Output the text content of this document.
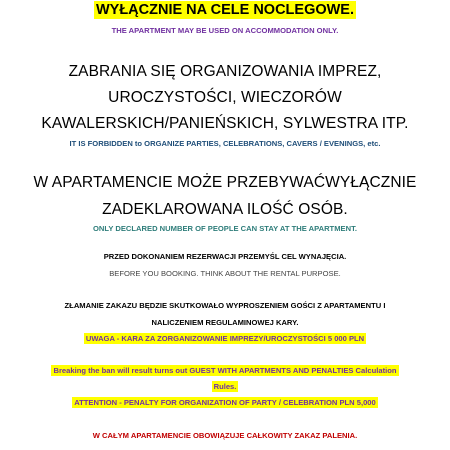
WYŁĄCZNIE NA CELE NOCLEGOWE.
THE APARTMENT MAY BE USED ON ACCOMMODATION ONLY.
ZABRANIA SIĘ ORGANIZOWANIA IMPREZ,
UROCZYSTOŚCI, WIECZORÓW
KAWALERSKICH/PANIEŃSKICH, SYLWESTRA ITP.
IT IS FORBIDDEN to ORGANIZE PARTIES, CELEBRATIONS, CAVERS / EVENINGS, etc.
W APARTAMENCIE MOŻE PRZEBYWAĆWYŁĄCZNIE
ZADEKLAROWANA ILOŚĆ OSÓB.
ONLY DECLARED NUMBER OF PEOPLE CAN STAY AT THE APARTMENT.
PRZED DOKONANIEM REZERWACJI PRZEMYŚL CEL WYNAJĘCIA.
BEFORE YOU BOOKING. THINK ABOUT THE RENTAL PURPOSE.
ZŁAMANIE ZAKAZU BĘDZIE SKUTKOWAŁO WYPROSZENIEM GOŚCI Z APARTAMENTU I
NALICZENIEM REGULAMINOWEJ KARY.
UWAGA - KARA ZA ZORGANIZOWANIE IMPREZY/UROCZYSTOŚCI 5 000 PLN
Breaking the ban will result turns out GUEST WITH APARTMENTS AND PENALTIES Calculation
Rules.
ATTENTION - PENALTY FOR ORGANIZATION OF PARTY / CELEBRATION PLN 5,000
W CAŁYM APARTAMENCIE OBOWIĄZUJE CAŁKOWITY ZAKAZ PALENIA.
